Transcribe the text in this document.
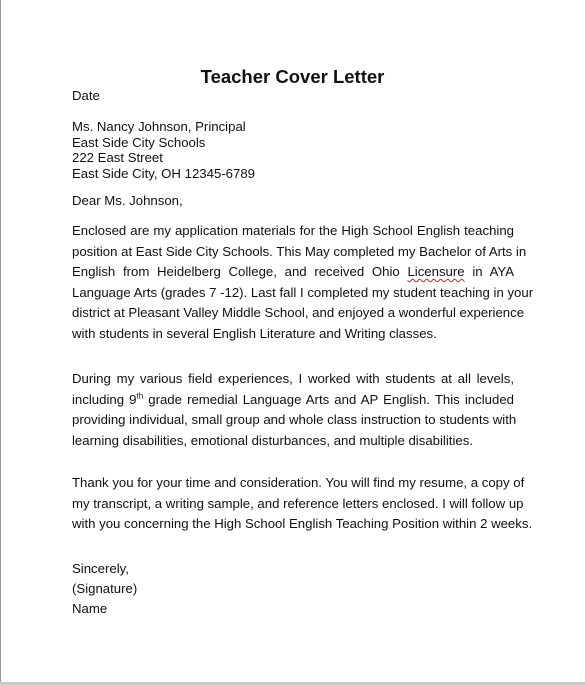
Teacher Cover Letter
Date
Ms. Nancy Johnson, Principal
East Side City Schools
222 East Street
East Side City, OH 12345-6789
Dear Ms. Johnson,
Enclosed are my application materials for the High School English teaching
position at East Side City Schools. This May completed my Bachelor of Arts in
English from Heidelberg College, and received Ohio Licensure in AYA
Language Arts (grades 7 -12). Last fall I completed my student teaching in your
district at Pleasant Valley Middle School, and enjoyed a wonderful experience
with students in several English Literature and Writing classes.
During my various field experiences, I worked with students at all levels,
including 9th grade remedial Language Arts and AP English. This included
providing individual, small group and whole class instruction to students with
learning disabilities, emotional disturbances, and multiple disabilities.
Thank you for your time and consideration. You will find my resume, a copy of
my transcript, a writing sample, and reference letters enclosed. I will follow up
with you concerning the High School English Teaching Position within 2 weeks.
Sincerely,
(Signature)
Name
